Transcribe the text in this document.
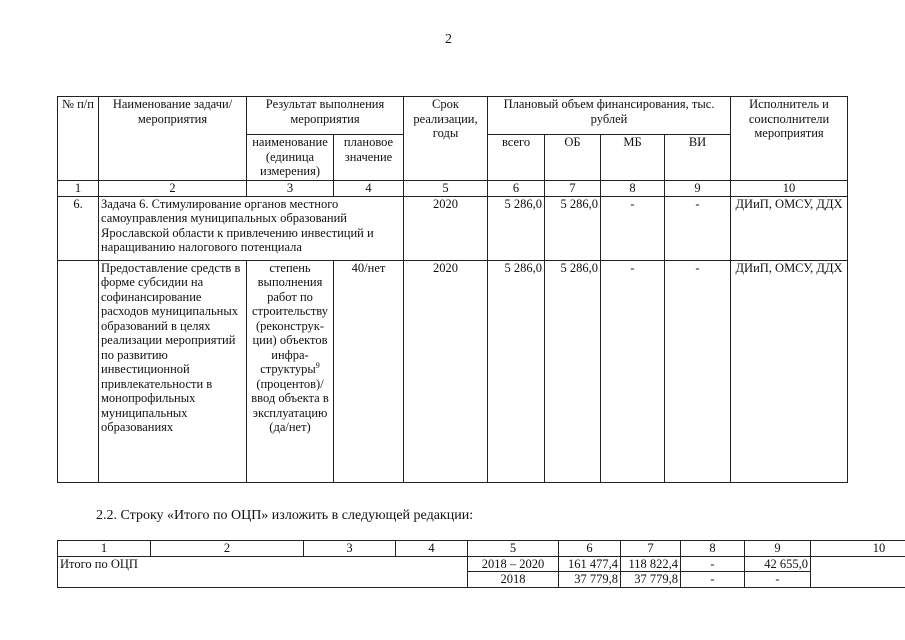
2
№ п/п	Наименование задачи/ мероприятия	Результат выполнения мероприятия		Срок реализации, годы	Плановый объем финансирования, тыс. рублей				Исполнитель и соисполнители мероприятия
		наименование (единица измерения)	плановое значение		всего	ОБ	МБ	ВИ	
1	2	3	4	5	6	7	8	9	10
6.	Задача 6. Стимулирование органов местного самоуправления муниципальных образований Ярославской области к привлечению инвестиций и наращиванию налогового потенциала			2020	5 286,0	5 286,0	-	-	ДИиП, ОМСУ, ДДХ
	Предоставление средств в форме субсидии на софинансирование расходов муниципальных образований в целях реализации мероприятий по развитию инвестиционной привлекательности в монопрофильных муниципальных образованиях	степень выполнения работ по строительству (реконструк-ции) объектов инфра-структуры$^9$ (процентов)/ ввод объекта в эксплуатацию (да/нет)	40/нет	2020	5 286,0	5 286,0	-	-	ДИиП, ОМСУ, ДДХ
2.2. Строку «Итого по ОЦП» изложить в следующей редакции:
1	2	3	4	5	6	7	8	9	10
Итого по ОЦП				2018 – 2020	161 477,4	118 822,4	-	42 655,0	
				2018	37 779,8	37 779,8	-	-	
